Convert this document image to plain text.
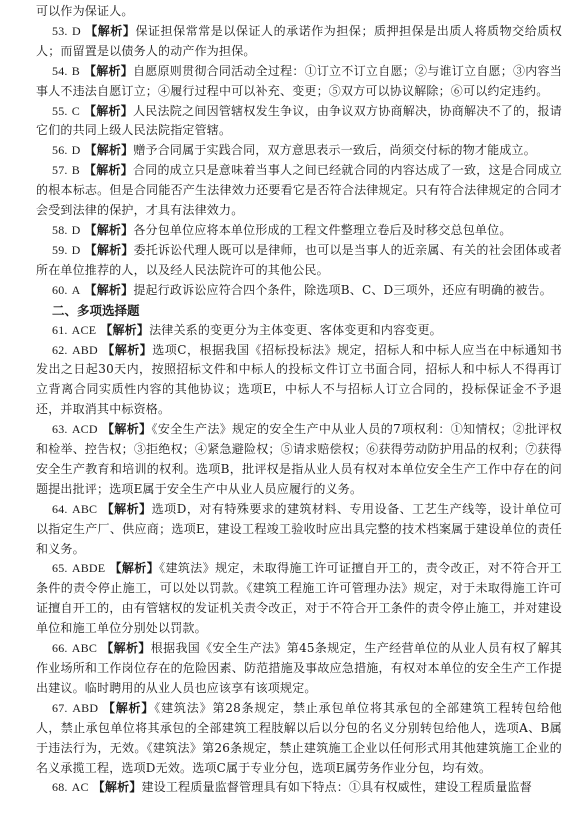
可以作为保证人。

53. D 【解析】保证担保常常是以保证人的承诺作为担保；质押担保是出质人将质物交给质权人；而留置是以债务人的动产作为担保。

54. B 【解析】自愿原则贯彻合同活动全过程：①订立不订立自愿；②与谁订立自愿；③内容当事人不违法自愿订立；④履行过程中可以补充、变更；⑤双方可以协议解除；⑥可以约定违约。

55. C 【解析】人民法院之间因管辖权发生争议，由争议双方协商解决，协商解决不了的，报请它们的共同上级人民法院指定管辖。

56. D 【解析】赠予合同属于实践合同，双方意思表示一致后，尚须交付标的物才能成立。

57. B 【解析】合同的成立只是意味着当事人之间已经就合同的内容达成了一致，这是合同成立的根本标志。但是合同能否产生法律效力还要看它是否符合法律规定。只有符合法律规定的合同才会受到法律的保护，才具有法律效力。

58. D 【解析】各分包单位应将本单位形成的工程文件整理立卷后及时移交总包单位。

59. D 【解析】委托诉讼代理人既可以是律师，也可以是当事人的近亲属、有关的社会团体或者所在单位推荐的人，以及经人民法院许可的其他公民。

60. A 【解析】提起行政诉讼应符合四个条件，除选项B、C、D三项外，还应有明确的被告。

二、多项选择题

61. ACE 【解析】法律关系的变更分为主体变更、客体变更和内容变更。

62. ABD 【解析】选项C，根据我国《招标投标法》规定，招标人和中标人应当在中标通知书发出之日起30天内，按照招标文件和中标人的投标文件订立书面合同，招标人和中标人不得再订立背离合同实质性内容的其他协议；选项E，中标人不与招标人订立合同的，投标保证金不予退还，并取消其中标资格。

63. ACD 【解析】《安全生产法》规定的安全生产中从业人员的7项权利：①知情权；②批评权和检举、控告权；③拒绝权；④紧急避险权；⑤请求赔偿权；⑥获得劳动防护用品的权利；⑦获得安全生产教育和培训的权利。选项B，批评权是指从业人员有权对本单位安全生产工作中存在的问题提出批评；选项E属于安全生产中从业人员应履行的义务。

64. ABC 【解析】选项D，对有特殊要求的建筑材料、专用设备、工艺生产线等，设计单位可以指定生产厂、供应商；选项E，建设工程竣工验收时应出具完整的技术档案属于建设单位的责任和义务。

65. ABDE 【解析】《建筑法》规定，未取得施工许可证擅自开工的，责令改正，对不符合开工条件的责令停止施工，可以处以罚款。《建筑工程施工许可管理办法》规定，对于未取得施工许可证擅自开工的，由有管辖权的发证机关责令改正，对于不符合开工条件的责令停止施工，并对建设单位和施工单位分别处以罚款。

66. ABC 【解析】根据我国《安全生产法》第45条规定，生产经营单位的从业人员有权了解其作业场所和工作岗位存在的危险因素、防范措施及事故应急措施，有权对本单位的安全生产工作提出建议。临时聘用的从业人员也应该享有该项规定。

67. ABD 【解析】《建筑法》第28条规定，禁止承包单位将其承包的全部建筑工程转包给他人，禁止承包单位将其承包的全部建筑工程肢解以后以分包的名义分别转包给他人，选项A、B属于违法行为，无效。《建筑法》第26条规定，禁止建筑施工企业以任何形式用其他建筑施工企业的名义承揽工程，选项D无效。选项C属于专业分包，选项E属劳务作业分包，均有效。

68. AC 【解析】建设工程质量监督管理具有如下特点：①具有权威性，建设工程质量监督
